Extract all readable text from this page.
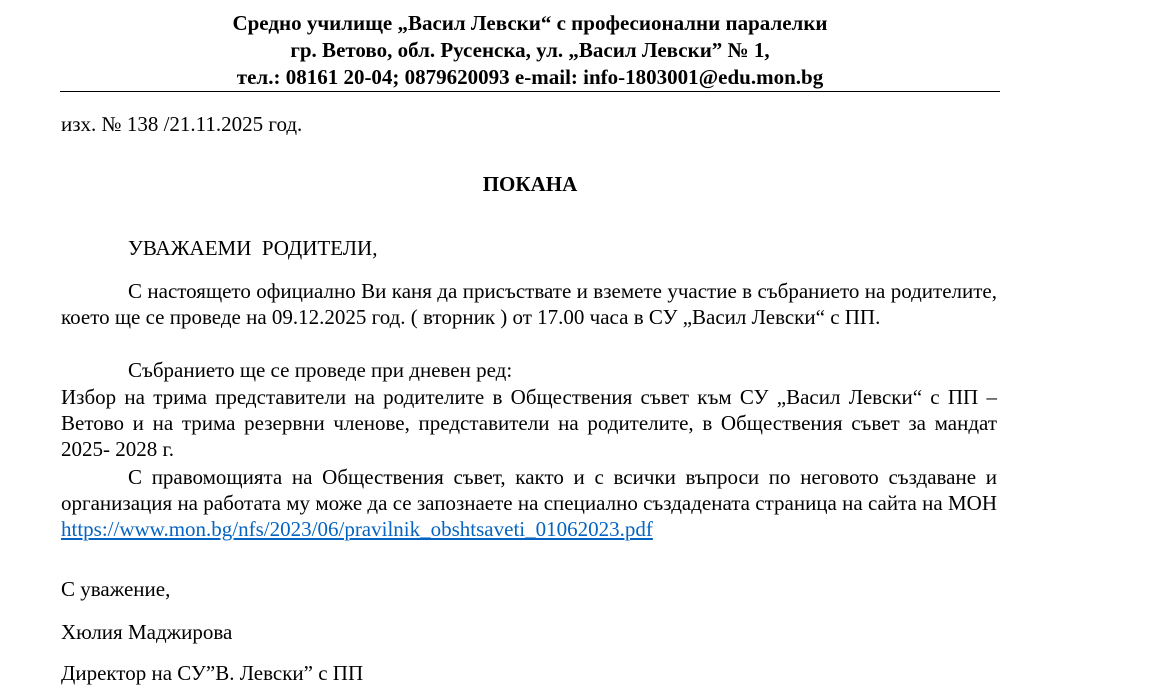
Средно училище „Васил Левски“ с професионални паралелки
гр. Ветово, обл. Русенска, ул. „Васил Левски” № 1,
тел.: 08161 20-04; 0879620093 e-mail: info-1803001@edu.mon.bg
изх. № 138 /21.11.2025 год.
ПОКАНА
УВАЖАЕМИ  РОДИТЕЛИ,
С настоящето официално Ви каня да присъствате и вземете участие в събранието на родителите, което ще се проведе на 09.12.2025 год. ( вторник ) от 17.00 часа в СУ „Васил Левски“ с ПП.
Събранието ще се проведе при дневен ред:
Избор на трима представители на родителите в Обществения съвет към СУ „Васил Левски“ с ПП – Ветово и на трима резервни членове, представители на родителите, в Обществения съвет за мандат 2025- 2028 г.
С правомощията на Обществения съвет, както и с всички въпроси по неговото създаване и организация на работата му може да се запознаете на специално създадената страница на сайта на МОН https://www.mon.bg/nfs/2023/06/pravilnik_obshtsaveti_01062023.pdf
С уважение,
Хюлия Маджирова
Директор на СУ”В. Левски” с ПП
